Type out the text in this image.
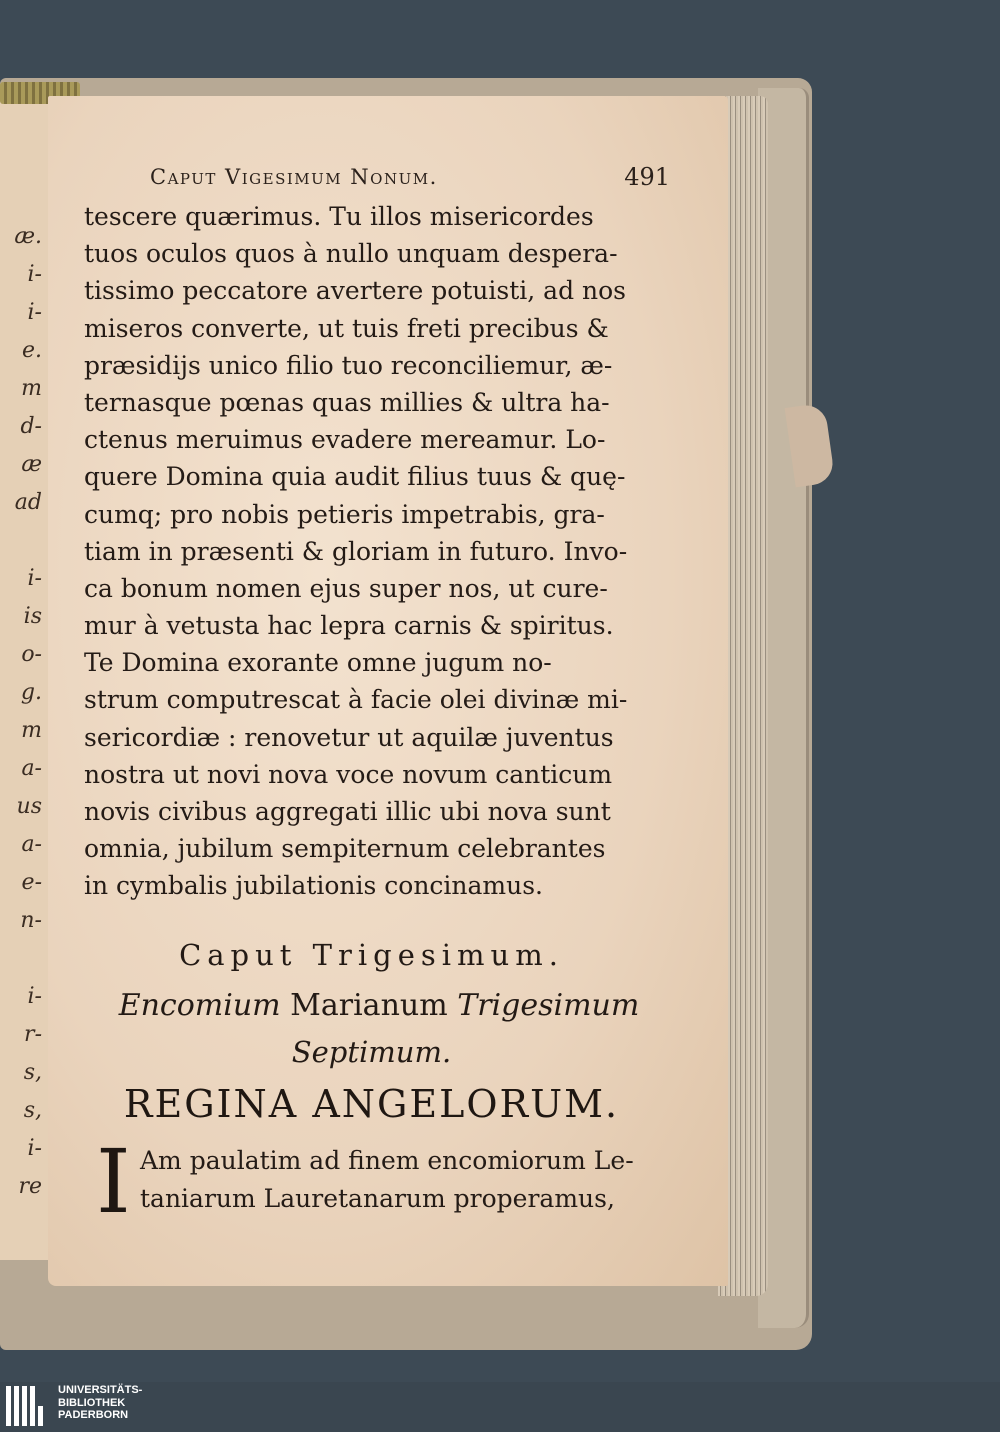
æ.
i-
i-
e.
m
d-
æ
ad
i-
is
o-
g.
m
a-
us
a-
e-
n-
i-
r-
s,
s,
i-
re
Caput Vigesimum Nonum.	491
tescere quærimus. Tu illos misericordes
tuos oculos quos à nullo unquam despera-
tissimo peccatore avertere potuisti, ad nos
miseros converte, ut tuis freti precibus &
præsidijs unico filio tuo reconciliemur, æ-
ternasque pœnas quas millies & ultra ha-
ctenus meruimus evadere mereamur. Lo-
quere Domina quia audit filius tuus & quę-
cumq; pro nobis petieris impetrabis, gra-
tiam in præsenti & gloriam in futuro. Invo-
ca bonum nomen ejus super nos, ut cure-
mur à vetusta hac lepra carnis & spiritus.
Te Domina exorante omne jugum no-
strum computrescat à facie olei divinæ mi-
sericordiæ : renovetur ut aquilæ juventus
nostra ut novi nova voce novum canticum
novis civibus aggregati illic ubi nova sunt
omnia, jubilum sempiternum celebrantes
in cymbalis jubilationis concinamus.
Caput Trigesimum.
Encomium Marianum Trigesimum
Septimum.
REGINA ANGELORUM.
I Am paulatim ad finem encomiorum Le-
taniarum Lauretanarum properamus,
UNIVERSITÄTS-
BIBLIOTHEK
PADERBORN
